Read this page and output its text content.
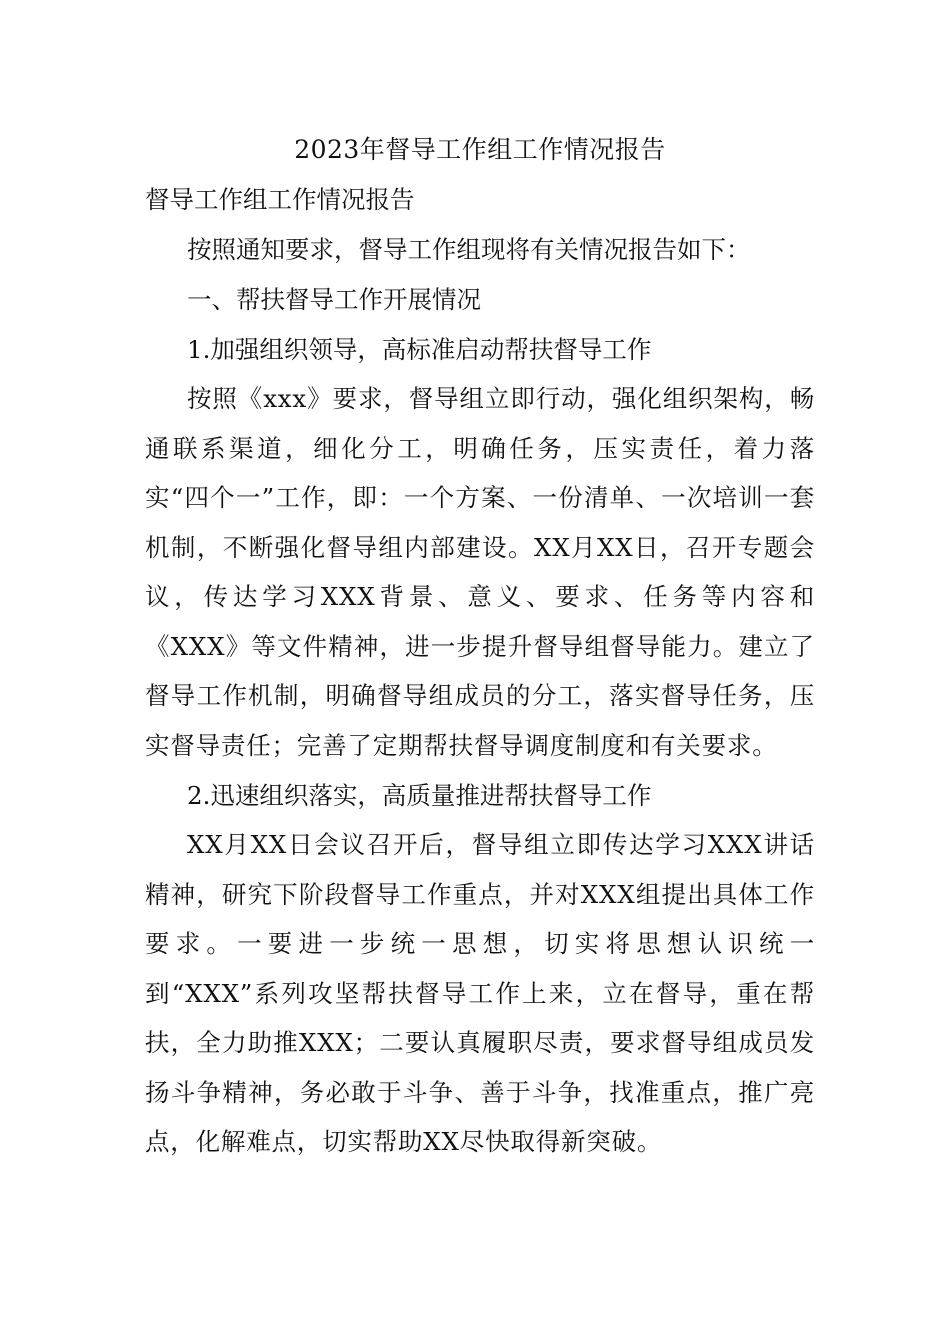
2023年督导工作组工作情况报告

督导工作组工作情况报告

按照通知要求，督导工作组现将有关情况报告如下：

一、帮扶督导工作开展情况

1.加强组织领导，高标准启动帮扶督导工作

按照《xxx》要求，督导组立即行动，强化组织架构，畅通联系渠道，细化分工，明确任务，压实责任，着力落实“四个一”工作，即：一个方案、一份清单、一次培训一套机制，不断强化督导组内部建设。XX月XX日，召开专题会议，传达学习XXX背景、意义、要求、任务等内容和《XXX》等文件精神，进一步提升督导组督导能力。建立了督导工作机制，明确督导组成员的分工，落实督导任务，压实督导责任；完善了定期帮扶督导调度制度和有关要求。

2.迅速组织落实，高质量推进帮扶督导工作

XX月XX日会议召开后，督导组立即传达学习XXX讲话精神，研究下阶段督导工作重点，并对XXX组提出具体工作要求。一要进一步统一思想，切实将思想认识统一到“XXX”系列攻坚帮扶督导工作上来，立在督导，重在帮扶，全力助推XXX；二要认真履职尽责，要求督导组成员发扬斗争精神，务必敢于斗争、善于斗争，找准重点，推广亮点，化解难点，切实帮助XX尽快取得新突破。
